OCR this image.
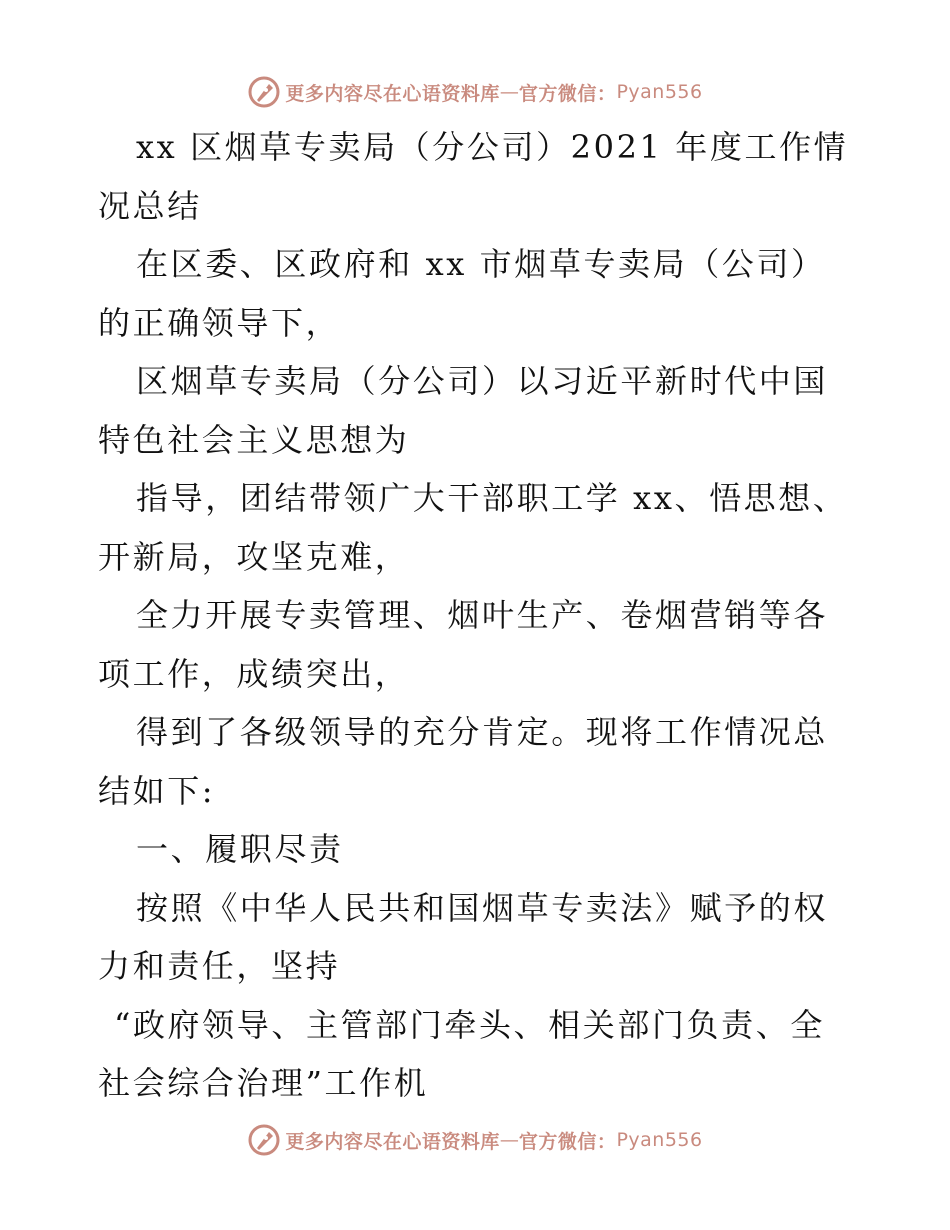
更多内容尽在心语资料库 — 官方微信： Pyan556

xx 区烟草专卖局（分公司）2021 年度工作情况总结

在区委、区政府和 xx 市烟草专卖局（公司）的正确领导下，

区烟草专卖局（分公司）以习近平新时代中国特色社会主义思想为

指导，团结带领广大干部职工学 xx、悟思想、开新局，攻坚克难，

全力开展专卖管理、烟叶生产、卷烟营销等各项工作，成绩突出，

得到了各级领导的充分肯定。现将工作情况总结如下:

一、履职尽责

按照《中华人民共和国烟草专卖法》赋予的权力和责任，坚持

“政府领导、主管部门牵头、相关部门负责、全社会综合治理”工作机

更多内容尽在心语资料库 — 官方微信： Pyan556
